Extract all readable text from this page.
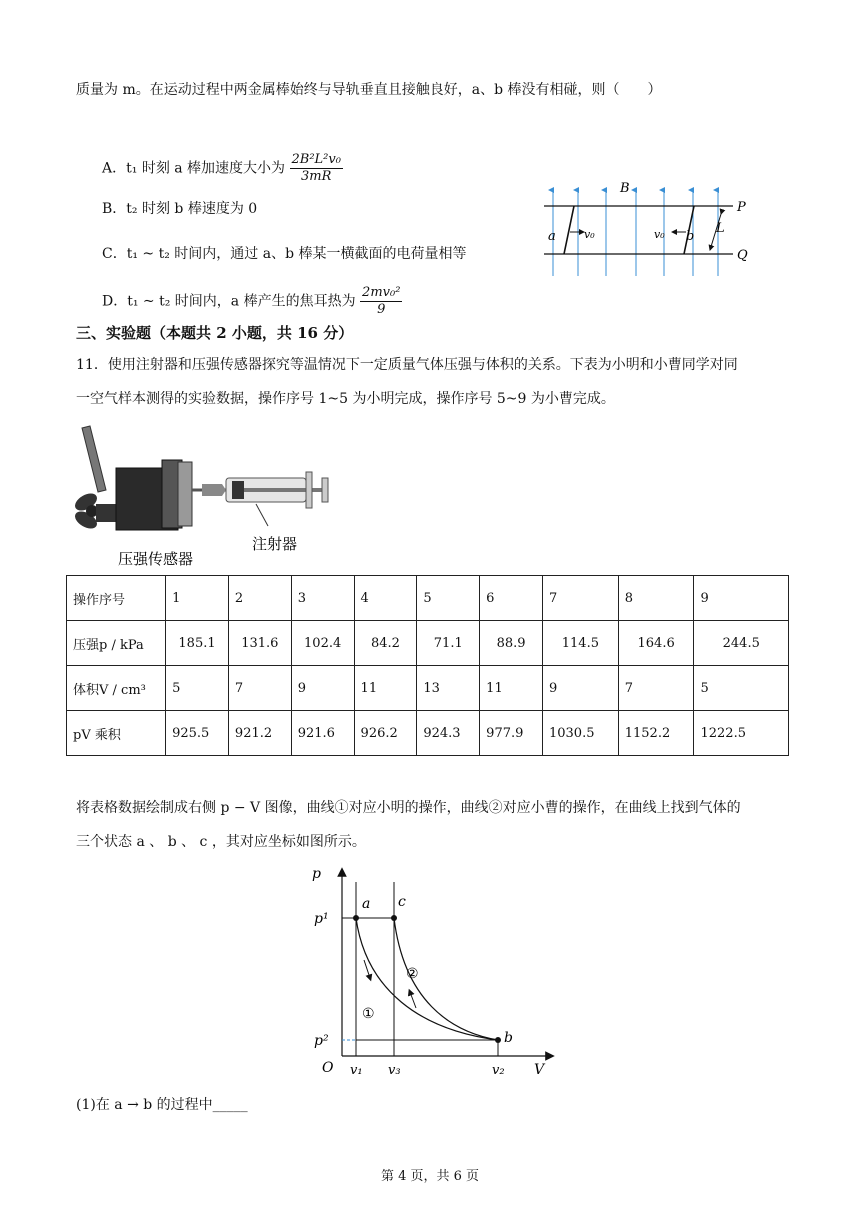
质量为 m。在运动过程中两金属棒始终与导轨垂直且接触良好，a、b 棒没有相碰，则（　　）
A．t₁ 时刻 a 棒加速度大小为 $\frac{\text{2B²L²v₀}}{3mR}$
B．t₂ 时刻 b 棒速度为 0
C．t₁ ~ t₂ 时间内，通过 a、b 棒某一横截面的电荷量相等
D．t₁ ~ t₂ 时间内，a 棒产生的焦耳热为 $\frac{\text{2mv₀²}}{9}$
B
P
Q
L
a	v₀	v₀ b
三、实验题（本题共 2 小题，共 16 分）
11．使用注射器和压强传感器探究等温情况下一定质量气体压强与体积的关系。下表为小明和小曹同学对同
一空气样本测得的实验数据，操作序号 1~5 为小明完成，操作序号 5~9 为小曹完成。
注射器
压强传感器
操作序号	1	2	3	4	5	6	7	8	9
压强p / kPa	185.1	131.6	102.4	84.2	71.1	88.9	114.5	164.6	244.5
体积V / cm³	5	7	9	11	13	11	9	7	5
pV 乘积	925.5	921.2	921.6	926.2	924.3	977.9	1030.5	1152.2	1222.5
将表格数据绘制成右侧 p − V 图像，曲线①对应小明的操作，曲线②对应小曹的操作，在曲线上找到气体的
三个状态 a 、 b 、 c ，其对应坐标如图所示。
p
V
O
p¹
p²
v₁ v₃	v₂
a c
b
①
②
(1)在 a → b 的过程中_____
第 4 页，共 6 页
